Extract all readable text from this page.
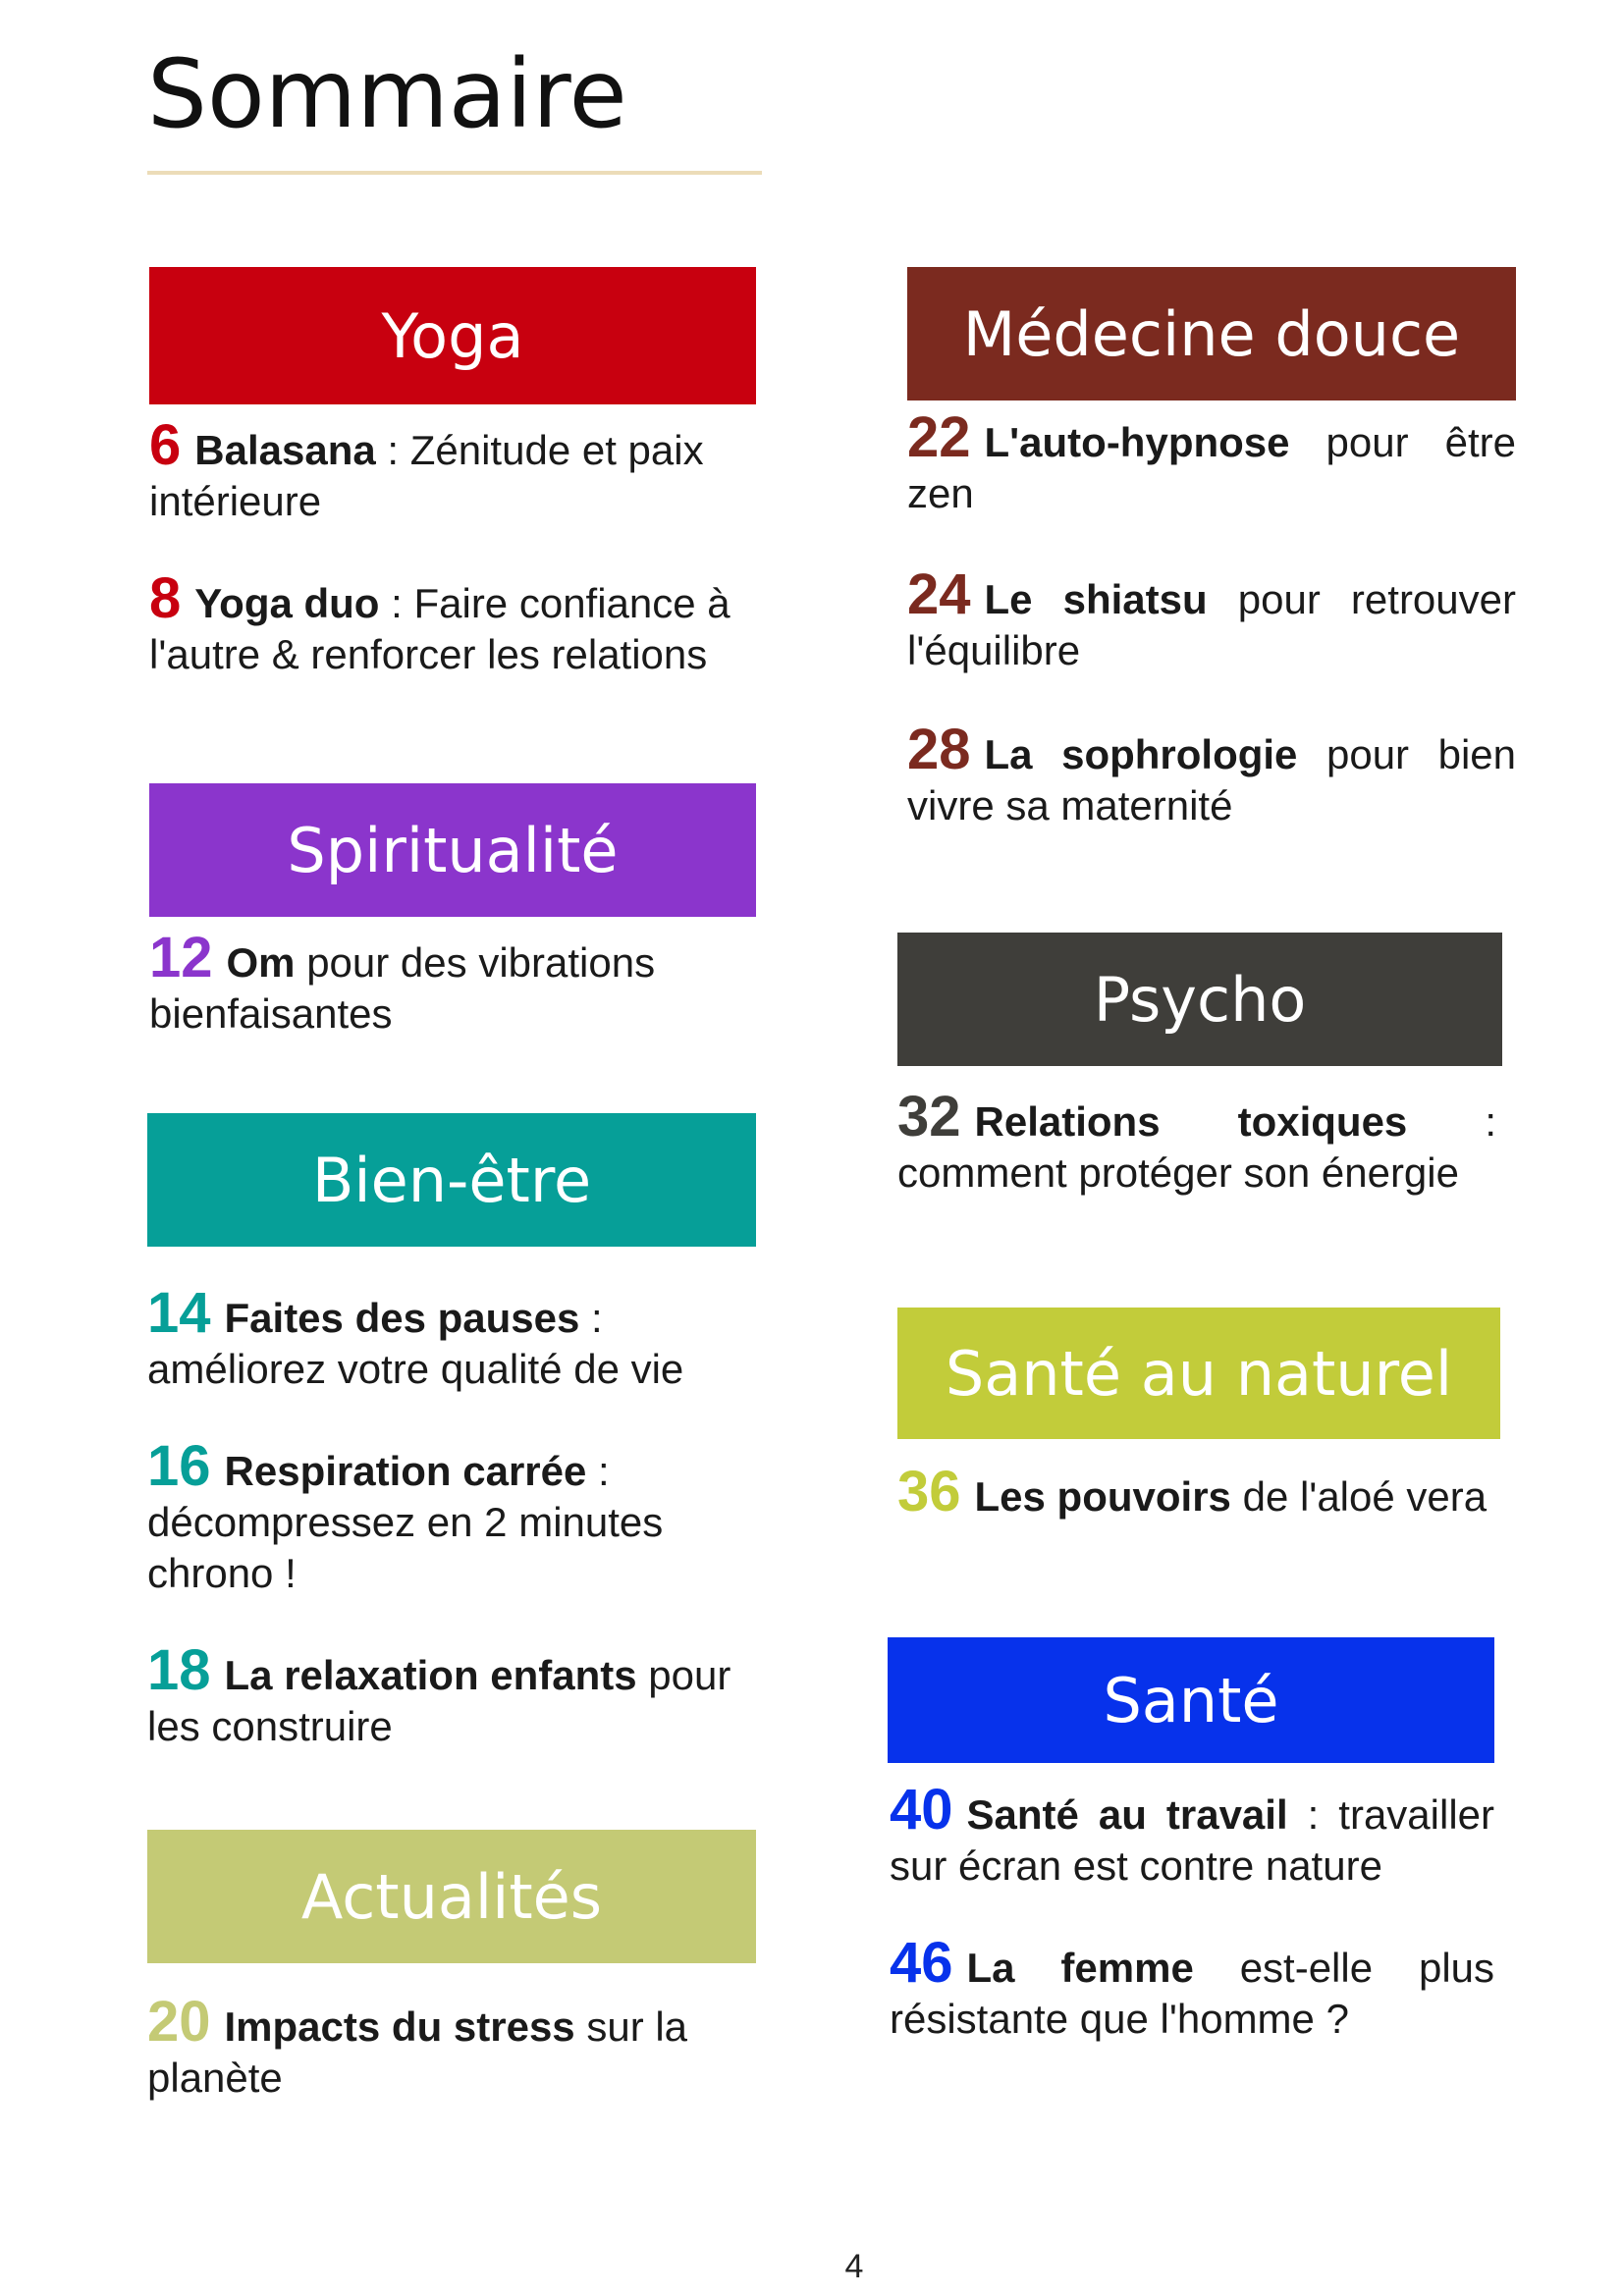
Sommaire
Yoga
6 Balasana : Zénitude et paix intérieure
8 Yoga duo : Faire confiance à l'autre & renforcer les relations
Spiritualité
12 Om pour des vibrations bienfaisantes
Bien-être
14 Faites des pauses : améliorez votre qualité de vie
16 Respiration carrée : décompressez en 2 minutes chrono !
18 La relaxation enfants pour les construire
Actualités
20 Impacts du stress sur la planète
Médecine douce
22 L'auto-hypnose pour être zen
24 Le shiatsu pour retrouver l'équilibre
28 La sophrologie pour bien vivre sa maternité
Psycho
32 Relations toxiques : comment protéger son énergie
Santé au naturel
36 Les pouvoirs de l'aloé vera
Santé
40 Santé au travail : travailler sur écran est contre nature
46 La femme est-elle plus résistante que l'homme ?
4
